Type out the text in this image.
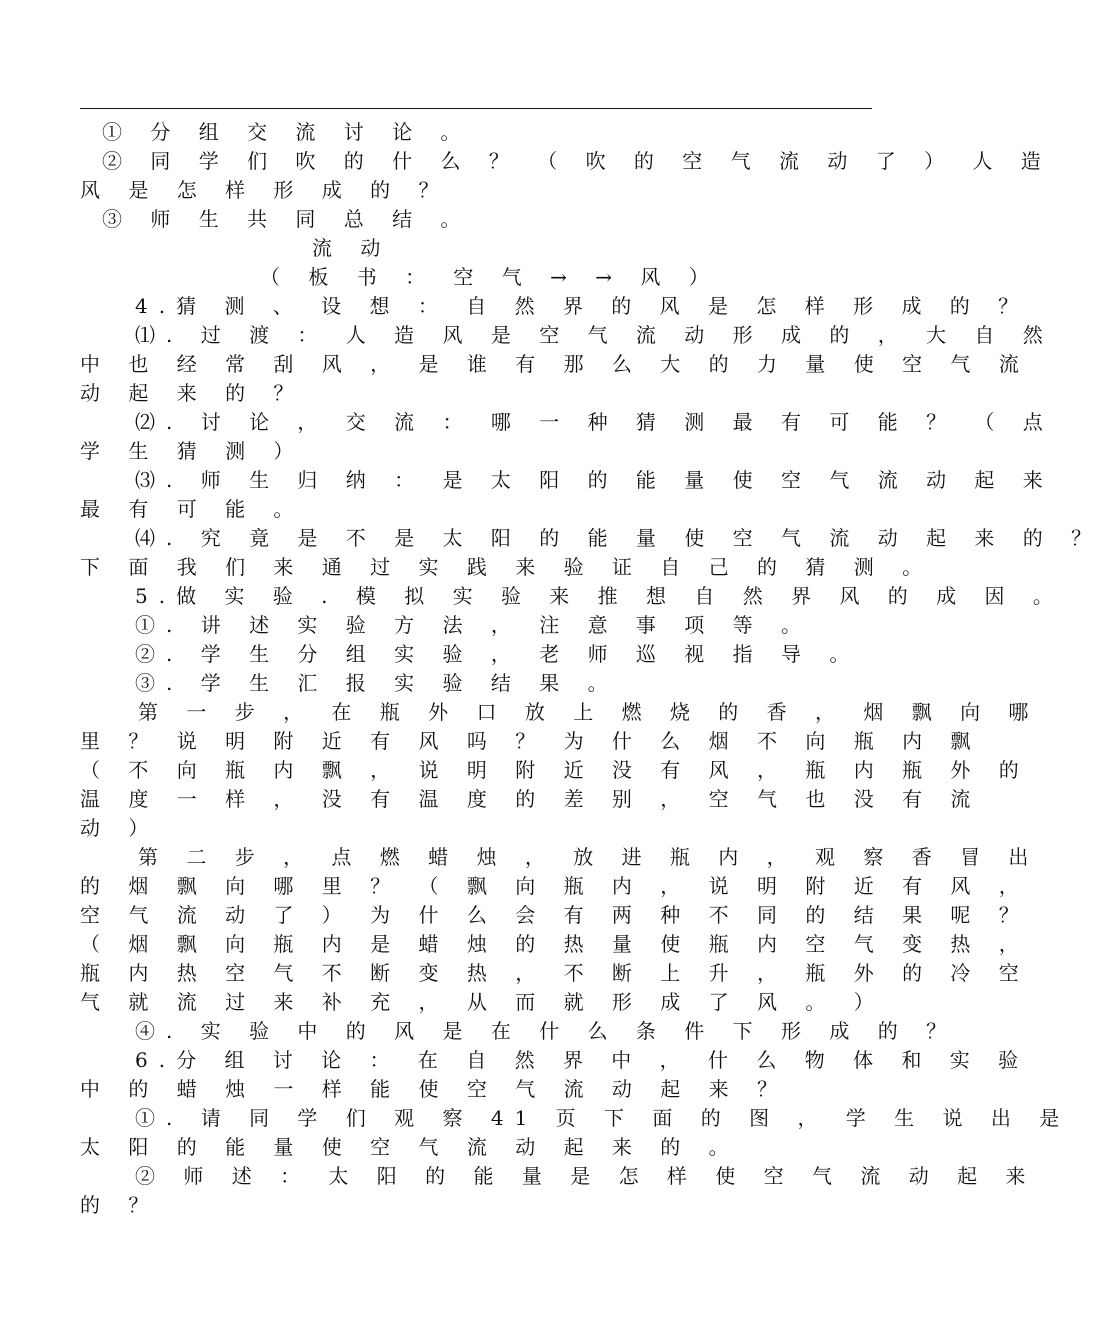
① 分 组 交 流 讨 论 。
② 同 学 们 吹 的 什 么 ？ （ 吹 的 空 气 流 动 了 ） 人 造
风 是 怎 样 形 成 的 ？
③ 师 生 共 同 总 结 。
流 动
（ 板 书 ： 空 气 → → 风 ）
4.猜 测 、 设 想 ： 自 然 界 的 风 是 怎 样 形 成 的 ？
⑴. 过 渡 ： 人 造 风 是 空 气 流 动 形 成 的 ， 大 自 然
中 也 经 常 刮 风 ， 是 谁 有 那 么 大 的 力 量 使 空 气 流
动 起 来 的 ？
⑵. 讨 论 ， 交 流 ： 哪 一 种 猜 测 最 有 可 能 ？ （ 点
学 生 猜 测 ）
⑶. 师 生 归 纳 ： 是 太 阳 的 能 量 使 空 气 流 动 起 来
最 有 可 能 。
⑷. 究 竟 是 不 是 太 阳 的 能 量 使 空 气 流 动 起 来 的 ？
下 面 我 们 来 通 过 实 践 来 验 证 自 己 的 猜 测 。
5.做 实 验 . 模 拟 实 验 来 推 想 自 然 界 风 的 成 因 。
①. 讲 述 实 验 方 法 ， 注 意 事 项 等 。
②. 学 生 分 组 实 验 ， 老 师 巡 视 指 导 。
③. 学 生 汇 报 实 验 结 果 。
第 一 步 ， 在 瓶 外 口 放 上 燃 烧 的 香 ， 烟 飘 向 哪
里 ？ 说 明 附 近 有 风 吗 ？ 为 什 么 烟 不 向 瓶 内 飘
（ 不 向 瓶 内 飘 ， 说 明 附 近 没 有 风 ， 瓶 内 瓶 外 的
温 度 一 样 ， 没 有 温 度 的 差 别 ， 空 气 也 没 有 流
动 ）
第 二 步 ， 点 燃 蜡 烛 ， 放 进 瓶 内 ， 观 察 香 冒 出
的 烟 飘 向 哪 里 ？ （ 飘 向 瓶 内 ， 说 明 附 近 有 风 ，
空 气 流 动 了 ） 为 什 么 会 有 两 种 不 同 的 结 果 呢 ？
（ 烟 飘 向 瓶 内 是 蜡 烛 的 热 量 使 瓶 内 空 气 变 热 ，
瓶 内 热 空 气 不 断 变 热 ， 不 断 上 升 ， 瓶 外 的 冷 空
气 就 流 过 来 补 充 ， 从 而 就 形 成 了 风 。 ）
④. 实 验 中 的 风 是 在 什 么 条 件 下 形 成 的 ？
6.分 组 讨 论 ： 在 自 然 界 中 ， 什 么 物 体 和 实 验
中 的 蜡 烛 一 样 能 使 空 气 流 动 起 来 ？
①. 请 同 学 们 观 察 41 页 下 面 的 图 ， 学 生 说 出 是
太 阳 的 能 量 使 空 气 流 动 起 来 的 。
② 师 述 ： 太 阳 的 能 量 是 怎 样 使 空 气 流 动 起 来
的 ？
